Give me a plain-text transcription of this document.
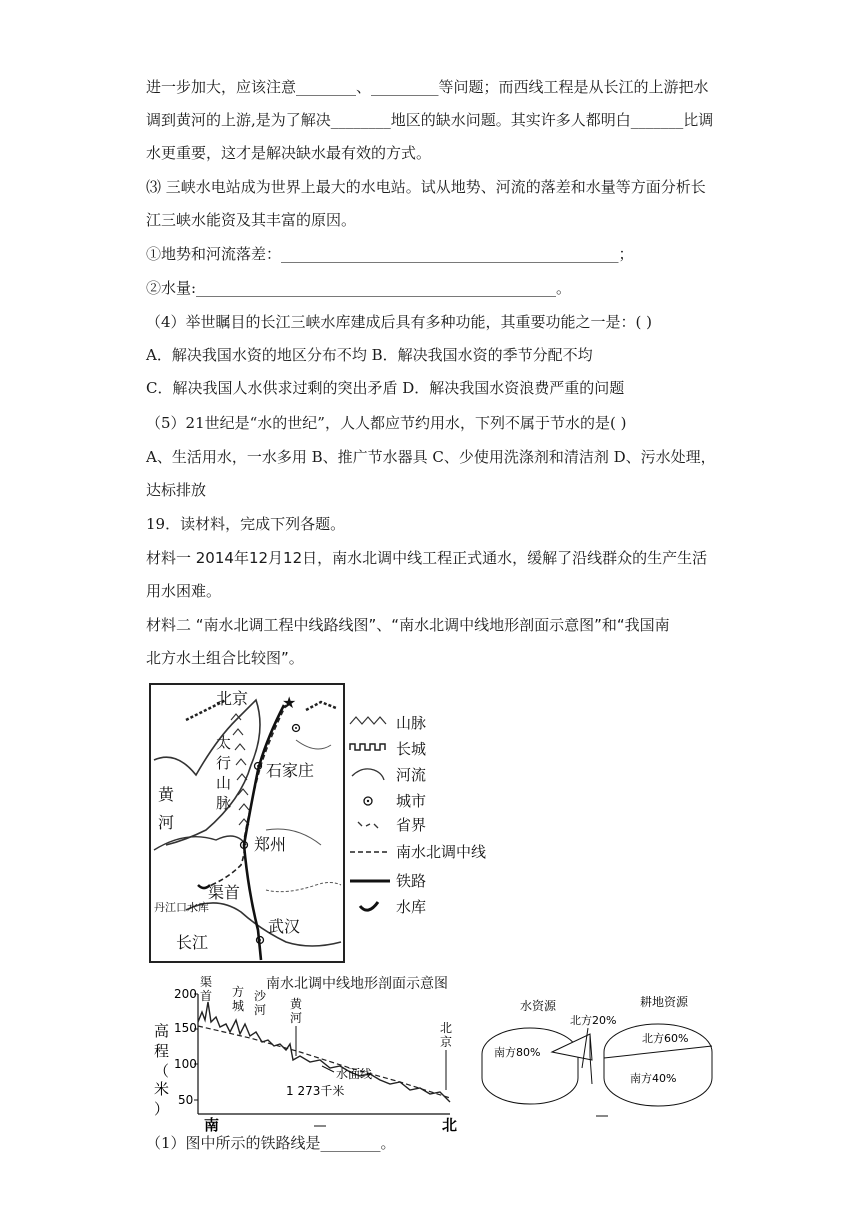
进一步加大，应该注意________、_________等问题；而西线工程是从长江的上游把水
调到黄河的上游,是为了解决________地区的缺水问题。其实许多人都明白_______比调
水更重要，这才是解决缺水最有效的方式。
⑶ 三峡水电站成为世界上最大的水电站。试从地势、河流的落差和水量等方面分析长
江三峡水能资及其丰富的原因。
①地势和河流落差：_____________________________________________；
②水量:________________________________________________。
（4）举世瞩目的长江三峡水库建成后具有多种功能，其重要功能之一是：( )
A．解决我国水资的地区分布不均 B．解决我国水资的季节分配不均
C．解决我国人水供求过剩的突出矛盾 D．解决我国水资浪费严重的问题
（5）21世纪是“水的世纪”，人人都应节约用水，下列不属于节水的是( )
A、生活用水，一水多用 B、推广节水器具 C、少使用洗涤剂和清洁剂 D、污水处理，
达标排放
19．读材料，完成下列各题。
材料一 2014年12月12日，南水北调中线工程正式通水，缓解了沿线群众的生产生活
用水困难。
材料二 “南水北调工程中线路线图”、“南水北调中线地形剖面示意图”和“我国南
北方水土组合比较图”。
★
北京
太
行
山
脉
石家庄
黄
河
郑州
渠首
丹江口水库
长江
武汉
山脉
长城
河流
城市
省界
南水北调中线
铁路
水库
南水北调中线地形剖面示意图
高
程
（
米
）
200
150
100
50
渠
首 方
城
沙
河 黄
河
北
京
水面线
1 273千米
南	北
水资源
南方80%
北方20%
耕地资源
北方60%
南方40%
（1）图中所示的铁路线是________。
